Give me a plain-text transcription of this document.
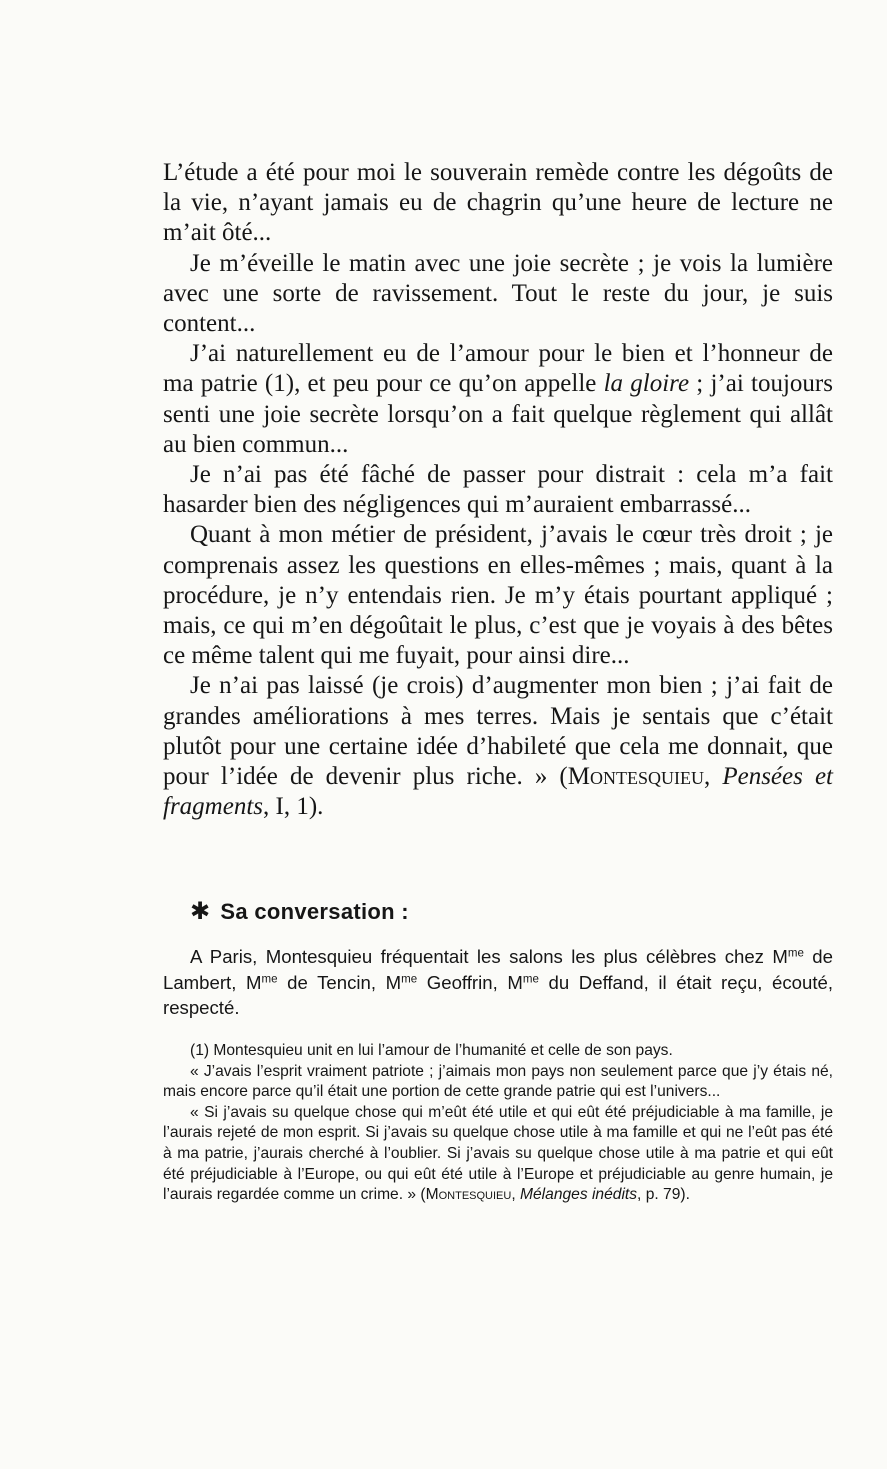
L’étude a été pour moi le souverain remède contre les dégoûts de la vie, n’ayant jamais eu de chagrin qu’une heure de lecture ne m’ait ôté...

Je m’éveille le matin avec une joie secrète ; je vois la lumière avec une sorte de ravissement. Tout le reste du jour, je suis content...

J’ai naturellement eu de l’amour pour le bien et l’honneur de ma patrie (1), et peu pour ce qu’on appelle la gloire ; j’ai toujours senti une joie secrète lorsqu’on a fait quelque règlement qui allât au bien commun...

Je n’ai pas été fâché de passer pour distrait : cela m’a fait hasarder bien des négligences qui m’auraient embarrassé...

Quant à mon métier de président, j’avais le cœur très droit ; je comprenais assez les questions en elles-mêmes ; mais, quant à la procédure, je n’y entendais rien. Je m’y étais pourtant appliqué ; mais, ce qui m’en dégoûtait le plus, c’est que je voyais à des bêtes ce même talent qui me fuyait, pour ainsi dire...

Je n’ai pas laissé (je crois) d’augmenter mon bien ; j’ai fait de grandes améliorations à mes terres. Mais je sentais que c’était plutôt pour une certaine idée d’habileté que cela me donnait, que pour l’idée de devenir plus riche. » (Montesquieu, Pensées et fragments, I, 1).

✱ Sa conversation :

A Paris, Montesquieu fréquentait les salons les plus célèbres chez $M^{me}$ de Lambert, $M^{me}$ de Tencin, $M^{me}$ Geoffrin, $M^{me}$ du Deffand, il était reçu, écouté, respecté.

(1) Montesquieu unit en lui l’amour de l’humanité et celle de son pays.

« J’avais l’esprit vraiment patriote ; j’aimais mon pays non seulement parce que j’y étais né, mais encore parce qu’il était une portion de cette grande patrie qui est l’univers...

« Si j’avais su quelque chose qui m’eût été utile et qui eût été préjudiciable à ma famille, je l’aurais rejeté de mon esprit. Si j’avais su quelque chose utile à ma famille et qui ne l’eût pas été à ma patrie, j’aurais cherché à l’oublier. Si j’avais su quelque chose utile à ma patrie et qui eût été préjudiciable à l’Europe, ou qui eût été utile à l’Europe et préjudiciable au genre humain, je l’aurais regardée comme un crime. » (Montesquieu, Mélanges inédits, p. 79).
